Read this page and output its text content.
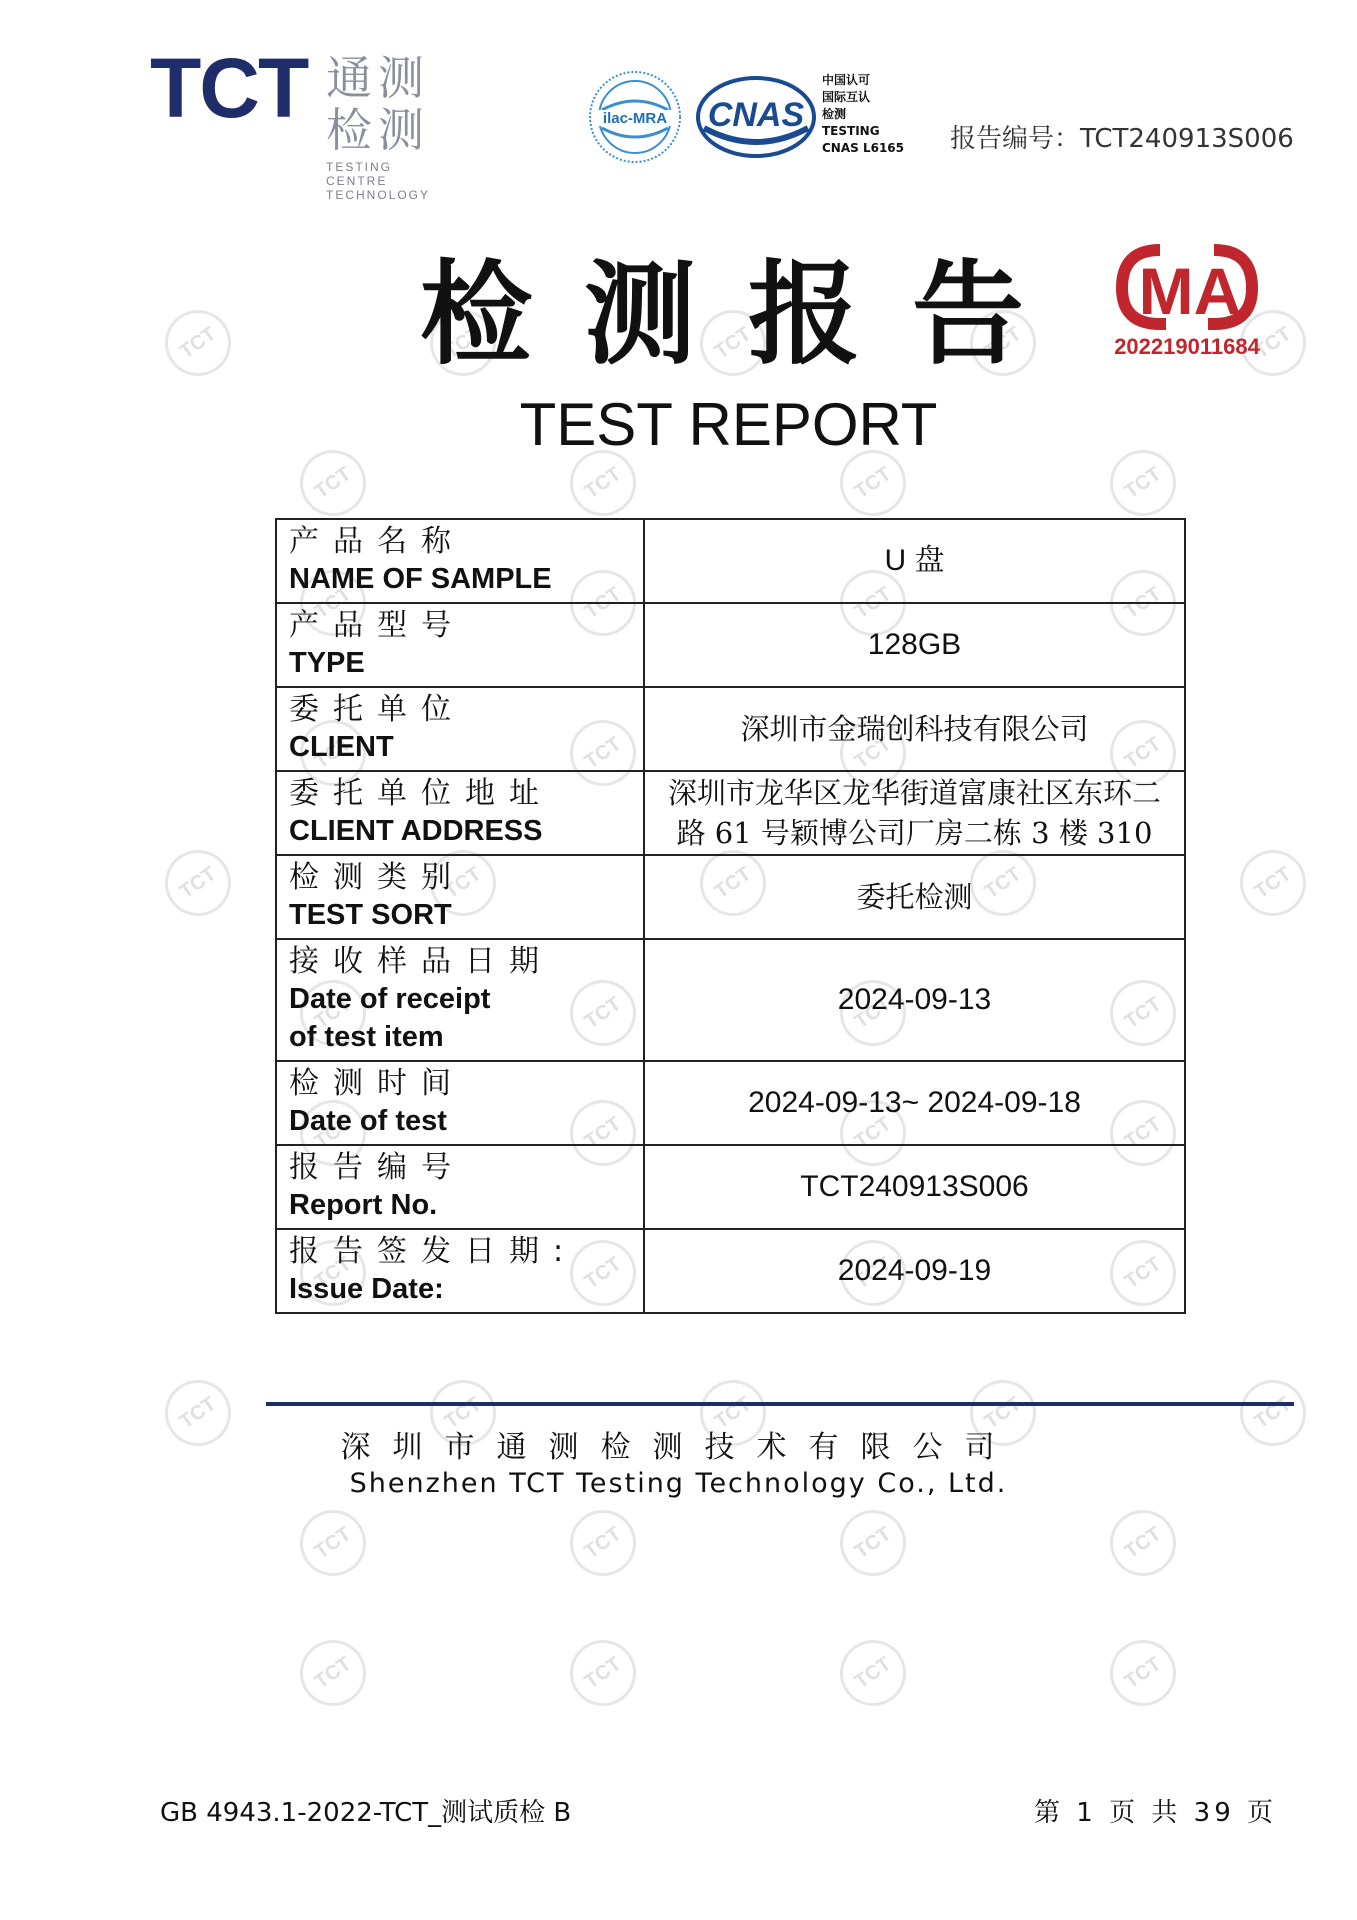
TCT
TCT
TCT
TCT
TCT
TCT
TCT
TCT
TCT
TCT
TCT
TCT
TCT
TCT
TCT
TCT
TCT
TCT
TCT
TCT
TCT
TCT
TCT
TCT
TCT
TCT
TCT
TCT
TCT
TCT
TCT
TCT
TCT
TCT
TCT
TCT
TCT
TCT
TCT
TCT
TCT
TCT
TCT
TCT
TCT
TCT
TCT
TCT 通测检测
TESTING CENTRE TECHNOLOGY
ilac-MRA CNAS
中国认可
国际互认
检测
TESTING
CNAS L6165 报告编号：TCT240913S006
MA
202219011684
检测报告
TEST REPORT
产品名称
NAME OF SAMPLE	U 盘

产品型号
TYPE	128GB

委托单位
CLIENT	深圳市金瑞创科技有限公司

委托单位地址
CLIENT ADDRESS	深圳市龙华区龙华街道富康社区东环二路 61 号颖博公司厂房二栋 3 楼 310

检测类别
TEST SORT	委托检测

接收样品日期
Date of receipt of test item	2024-09-13

检测时间
Date of test	2024-09-13~ 2024-09-18

报告编号
Report No.	TCT240913S006

报告签发日期:
Issue Date:	2024-09-19
深圳市通测检测技术有限公司
Shenzhen TCT Testing Technology Co., Ltd.
GB 4943.1-2022-TCT_测试质检 B	第 1 页 共 39 页
